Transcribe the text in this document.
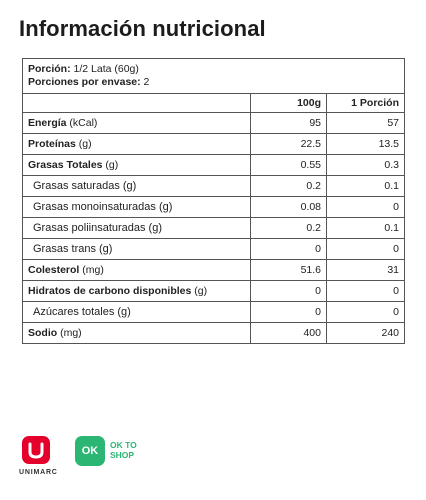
Información nutricional
Porción: 1/2 Lata (60g)
Porciones por envase: 2		

	100g	1 Porción
Energía (kCal)	95	57
Proteínas (g)	22.5	13.5
Grasas Totales (g)	0.55	0.3
Grasas saturadas (g)	0.2	0.1
Grasas monoinsaturadas (g)	0.08	0
Grasas poliinsaturadas (g)	0.2	0.1
Grasas trans (g)	0	0
Colesterol (mg)	51.6	31
Hidratos de carbono disponibles (g)	0	0
Azúcares totales (g)	0	0
Sodio (mg)	400	240
UNIMARC
OK	OK TO SHOP
